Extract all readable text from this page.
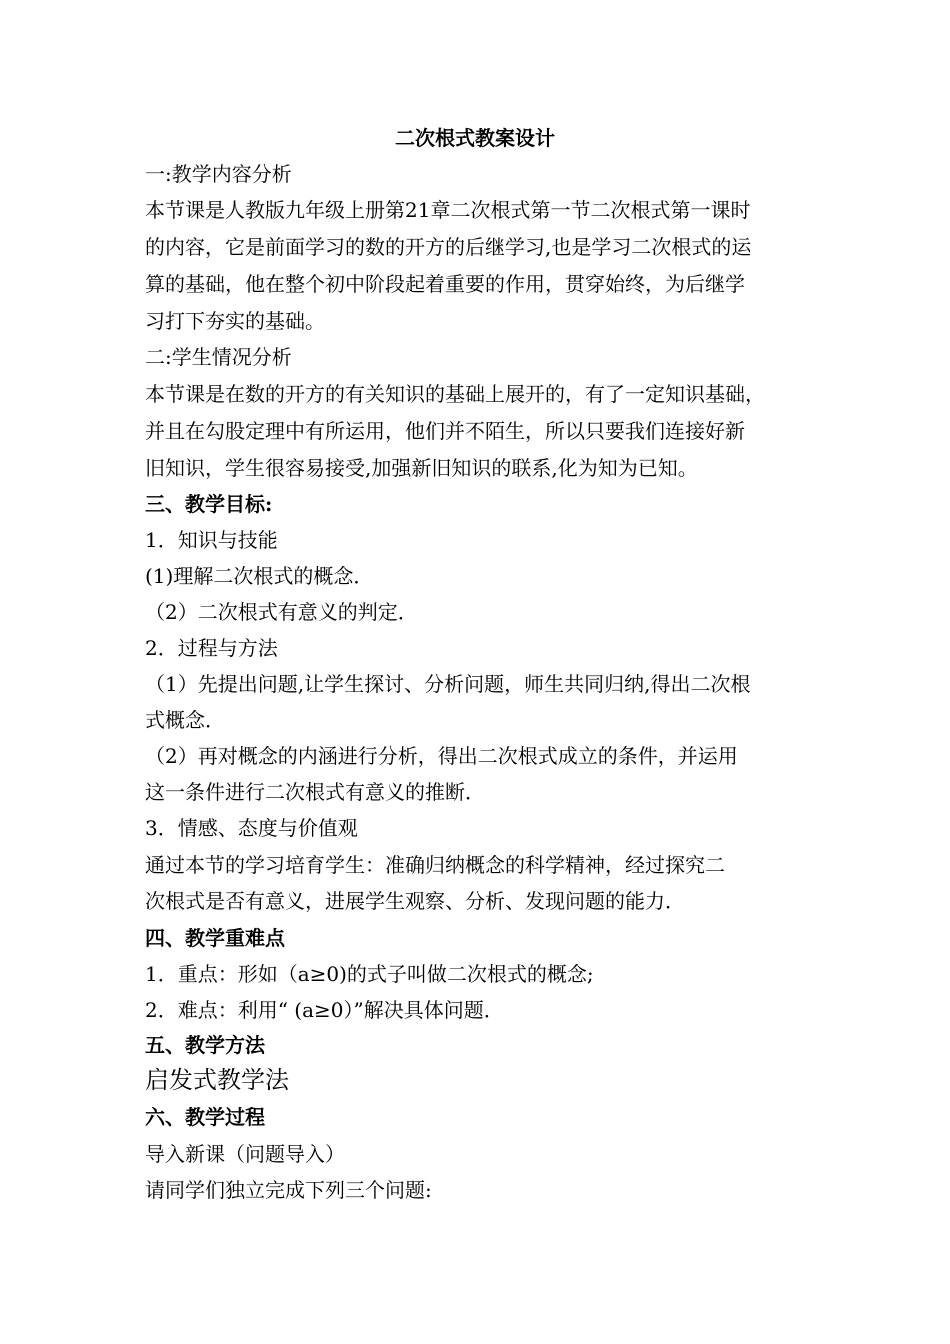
二次根式教案设计

一:教学内容分析

本节课是人教版九年级上册第21章二次根式第一节二次根式第一课时

的内容，它是前面学习的数的开方的后继学习,也是学习二次根式的运

算的基础，他在整个初中阶段起着重要的作用，贯穿始终，为后继学

习打下夯实的基础。

二:学生情况分析

本节课是在数的开方的有关知识的基础上展开的，有了一定知识基础，

并且在勾股定理中有所运用，他们并不陌生，所以只要我们连接好新

旧知识，学生很容易接受,加强新旧知识的联系,化为知为已知。

三、教学目标:

1．知识与技能

(1)理解二次根式的概念．

（2）二次根式有意义的判定．

2．过程与方法

（1）先提出问题,让学生探讨、分析问题，师生共同归纳,得出二次根

式概念．

（2）再对概念的内涵进行分析，得出二次根式成立的条件，并运用

这一条件进行二次根式有意义的推断．

3．情感、态度与价值观

通过本节的学习培育学生：准确归纳概念的科学精神，经过探究二

次根式是否有意义，进展学生观察、分析、发现问题的能力．

四、教学重难点

1．重点：形如（a≥0)的式子叫做二次根式的概念;

2．难点：利用“ (a≥0）”解决具体问题．

五、教学方法

启发式教学法

六、教学过程

导入新课（问题导入）

请同学们独立完成下列三个问题:
